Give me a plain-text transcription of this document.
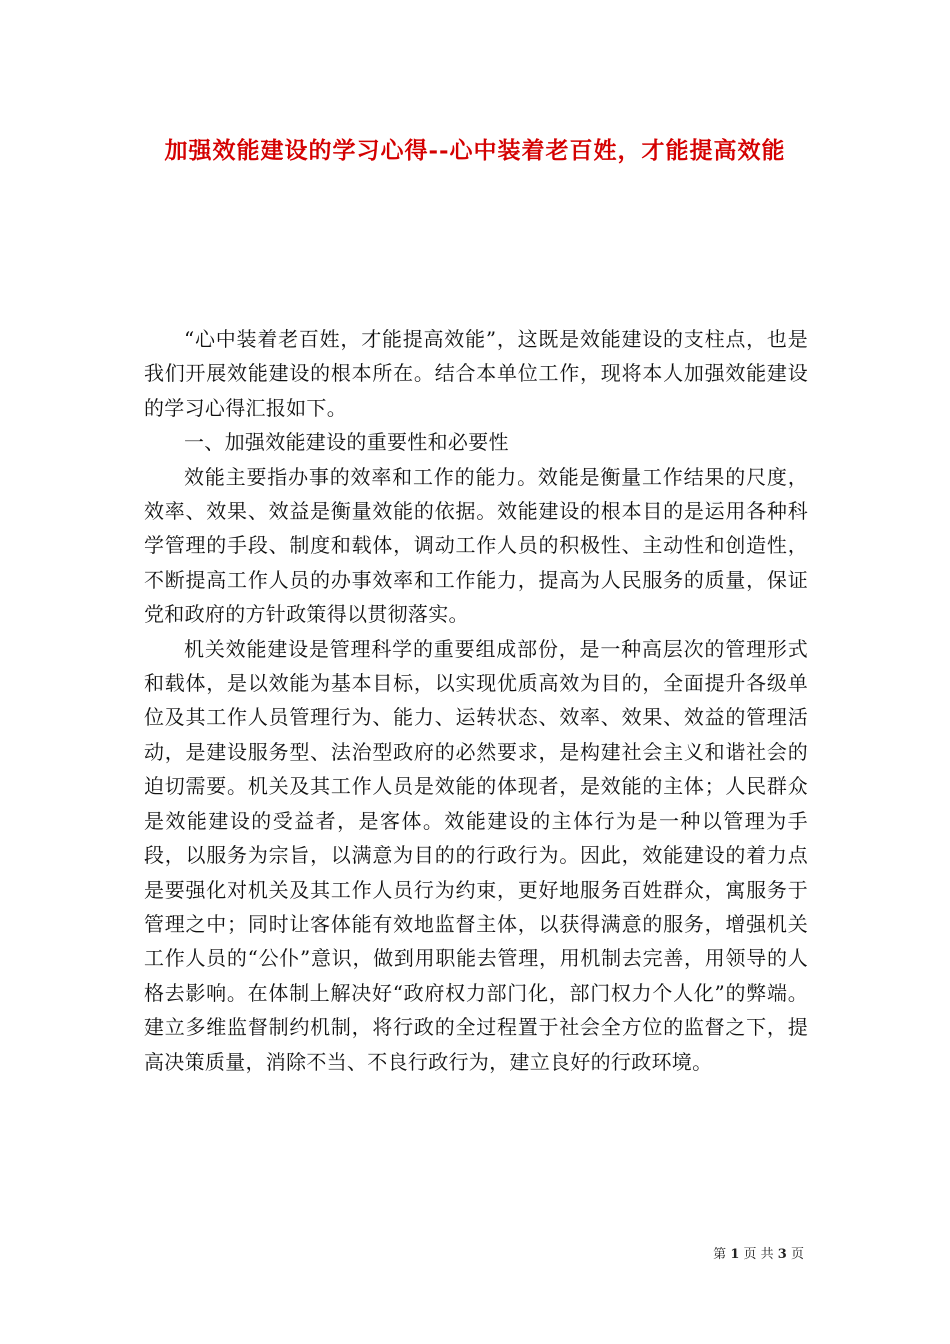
加强效能建设的学习心得--心中装着老百姓，才能提高效能

“心中装着老百姓，才能提高效能”，这既是效能建设的支柱点，也是我们开展效能建设的根本所在。结合本单位工作，现将本人加强效能建设的学习心得汇报如下。

一、加强效能建设的重要性和必要性

效能主要指办事的效率和工作的能力。效能是衡量工作结果的尺度，效率、效果、效益是衡量效能的依据。效能建设的根本目的是运用各种科学管理的手段、制度和载体，调动工作人员的积极性、主动性和创造性，不断提高工作人员的办事效率和工作能力，提高为人民服务的质量，保证党和政府的方针政策得以贯彻落实。

机关效能建设是管理科学的重要组成部份，是一种高层次的管理形式和载体，是以效能为基本目标，以实现优质高效为目的，全面提升各级单位及其工作人员管理行为、能力、运转状态、效率、效果、效益的管理活动，是建设服务型、法治型政府的必然要求，是构建社会主义和谐社会的迫切需要。机关及其工作人员是效能的体现者，是效能的主体；人民群众是效能建设的受益者，是客体。效能建设的主体行为是一种以管理为手段，以服务为宗旨，以满意为目的的行政行为。因此，效能建设的着力点是要强化对机关及其工作人员行为约束，更好地服务百姓群众，寓服务于管理之中；同时让客体能有效地监督主体，以获得满意的服务，增强机关工作人员的“公仆”意识，做到用职能去管理，用机制去完善，用领导的人格去影响。在体制上解决好“政府权力部门化，部门权力个人化”的弊端。建立多维监督制约机制，将行政的全过程置于社会全方位的监督之下，提高决策质量，消除不当、不良行政行为，建立良好的行政环境。

第 1 页 共 3 页
